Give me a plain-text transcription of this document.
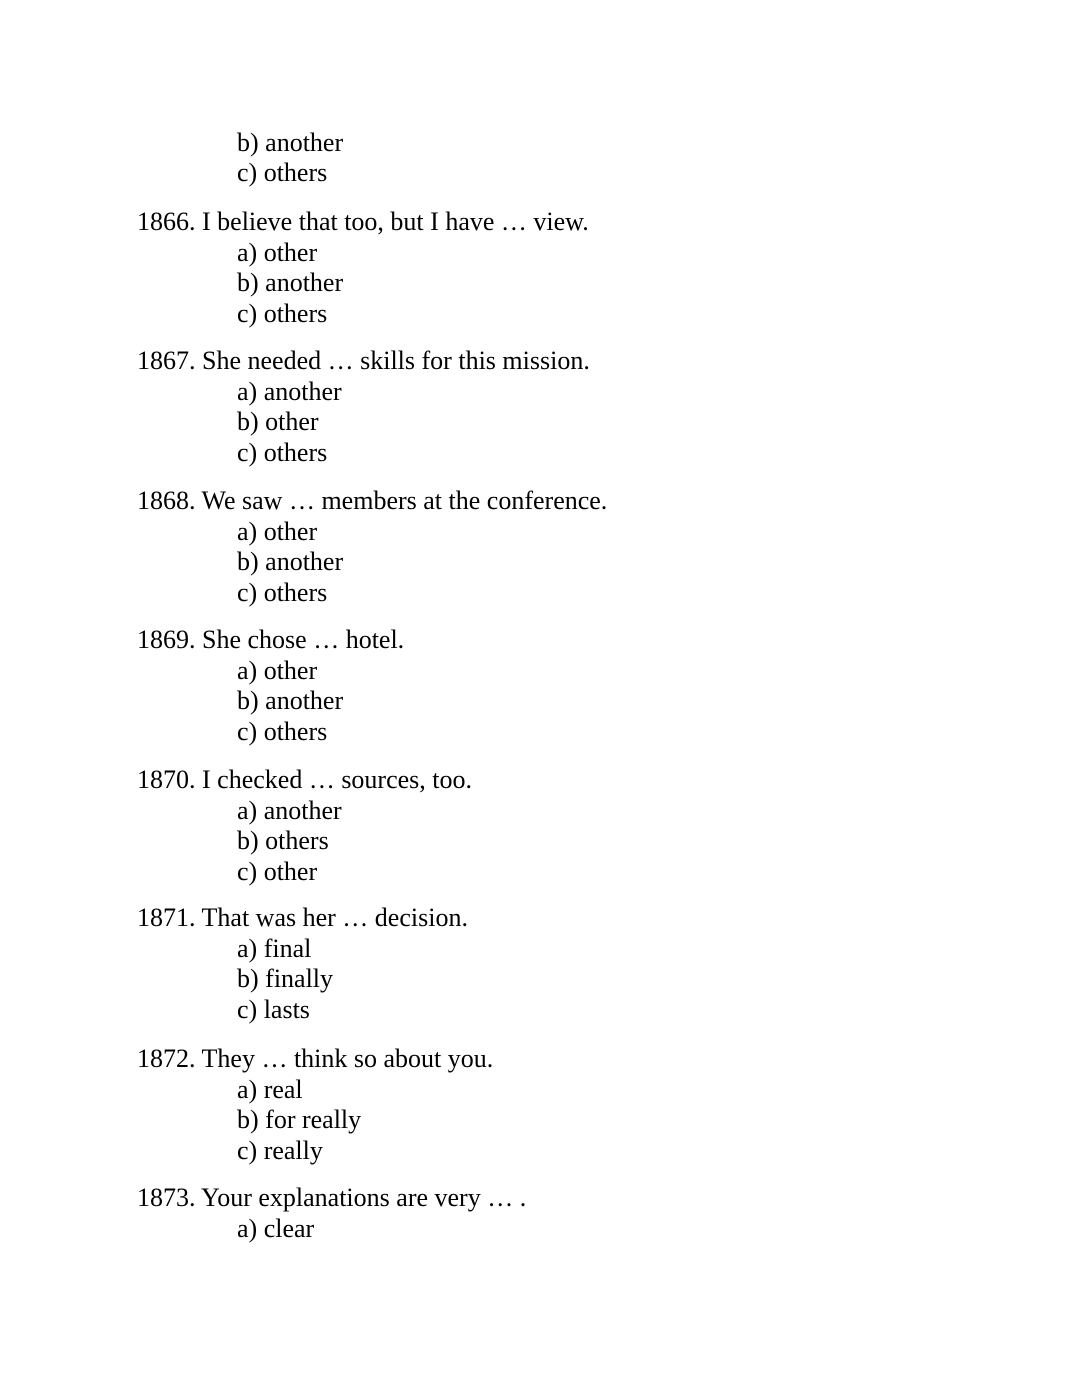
b) another
c) others
1866. I believe that too, but I have … view.
a) other
b) another
c) others
1867. She needed … skills for this mission.
a) another
b) other
c) others
1868. We saw … members at the conference.
a) other
b) another
c) others
1869. She chose … hotel.
a) other
b) another
c) others
1870. I checked … sources, too.
a) another
b) others
c) other
1871. That was her … decision.
a) final
b) finally
c) lasts
1872. They … think so about you.
a) real
b) for really
c) really
1873. Your explanations are very … .
a) clear
